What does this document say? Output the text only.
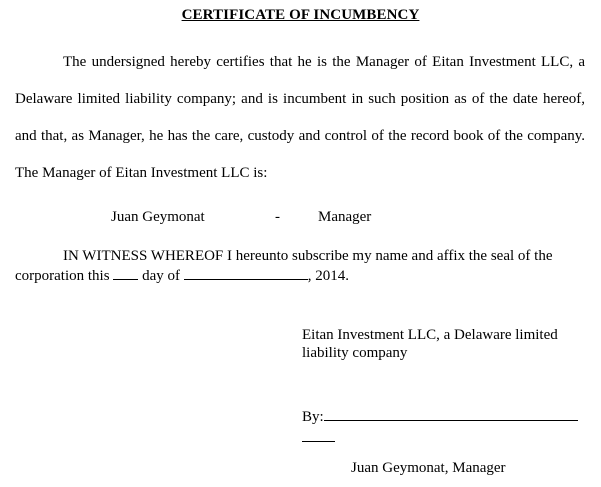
CERTIFICATE OF INCUMBENCY
The undersigned hereby certifies that he is the Manager of Eitan Investment LLC, a Delaware limited liability company; and is incumbent in such position as of the date hereof, and that, as Manager, he has the care, custody and control of the record book of the company. The Manager of Eitan Investment LLC is:
Juan Geymonat	-	Manager
IN WITNESS WHEREOF I hereunto subscribe my name and affix the seal of the corporation this  day of	, 2014.
Eitan Investment LLC, a Delaware limited liability company
By:
Juan Geymonat, Manager
